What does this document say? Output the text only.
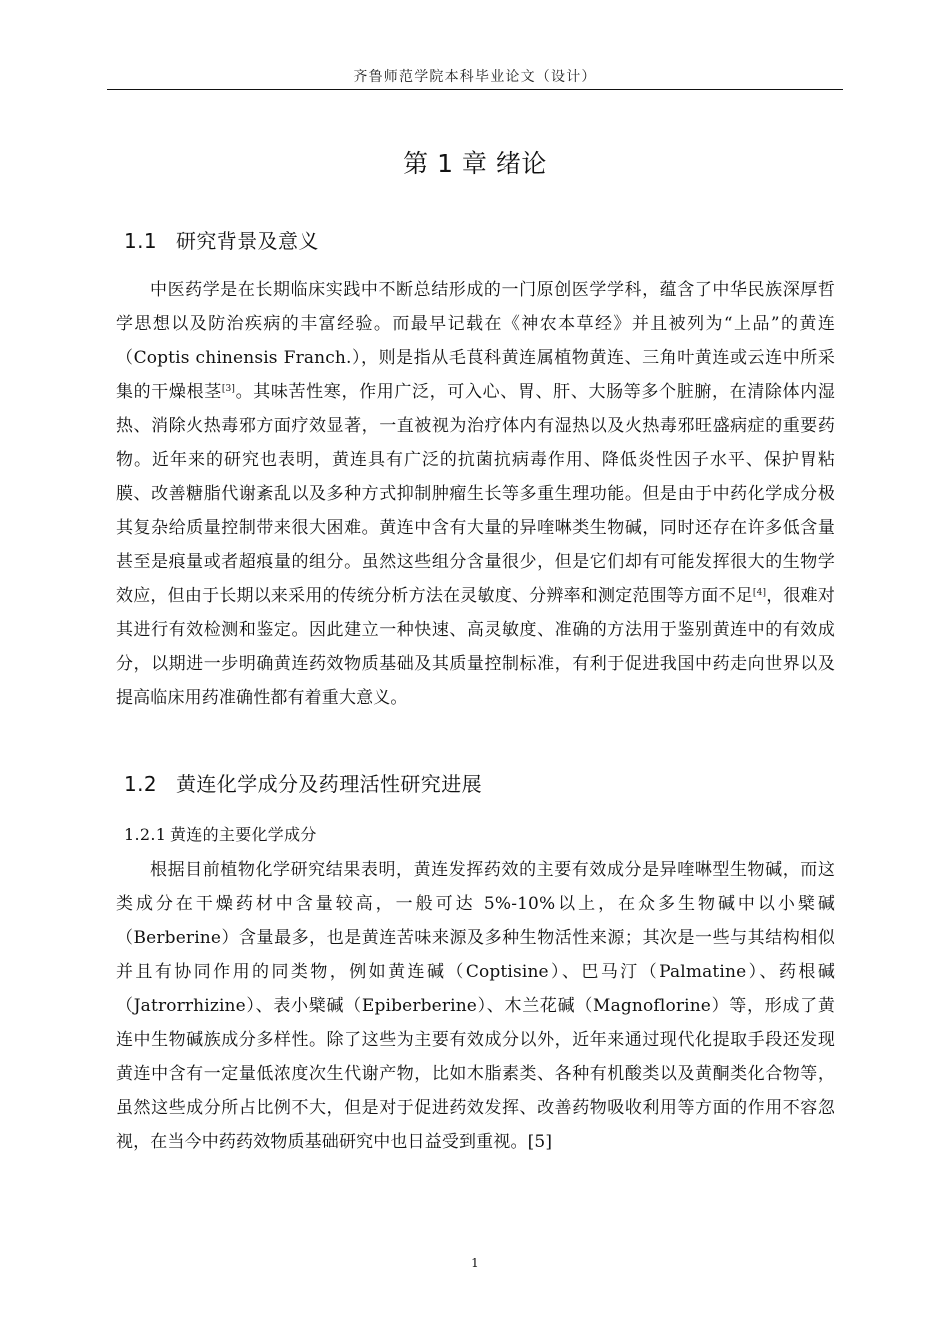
齐鲁师范学院本科毕业论文（设计）
第 1 章 绪论
1.1 研究背景及意义

中医药学是在长期临床实践中不断总结形成的一门原创医学学科，蕴含了中华民族深厚哲学思想以及防治疾病的丰富经验。而最早记载在《神农本草经》并且被列为“上品”的黄连（Coptis chinensis Franch.），则是指从毛茛科黄连属植物黄连、三角叶黄连或云连中所采集的干燥根茎[3]。其味苦性寒，作用广泛，可入心、胃、肝、大肠等多个脏腑，在清除体内湿热、消除火热毒邪方面疗效显著，一直被视为治疗体内有湿热以及火热毒邪旺盛病症的重要药物。近年来的研究也表明，黄连具有广泛的抗菌抗病毒作用、降低炎性因子水平、保护胃粘膜、改善糖脂代谢紊乱以及多种方式抑制肿瘤生长等多重生理功能。但是由于中药化学成分极其复杂给质量控制带来很大困难。黄连中含有大量的异喹啉类生物碱，同时还存在许多低含量甚至是痕量或者超痕量的组分。虽然这些组分含量很少，但是它们却有可能发挥很大的生物学效应，但由于长期以来采用的传统分析方法在灵敏度、分辨率和测定范围等方面不足[4]，很难对其进行有效检测和鉴定。因此建立一种快速、高灵敏度、准确的方法用于鉴别黄连中的有效成分，以期进一步明确黄连药效物质基础及其质量控制标准，有利于促进我国中药走向世界以及提高临床用药准确性都有着重大意义。

1.2 黄连化学成分及药理活性研究进展
1.2.1 黄连的主要化学成分

根据目前植物化学研究结果表明，黄连发挥药效的主要有效成分是异喹啉型生物碱，而这类成分在干燥药材中含量较高，一般可达 5%-10%以上，在众多生物碱中以小檗碱（Berberine）含量最多，也是黄连苦味来源及多种生物活性来源；其次是一些与其结构相似并且有协同作用的同类物，例如黄连碱（Coptisine）、巴马汀（Palmatine）、药根碱（Jatrorrhizine）、表小檗碱（Epiberberine）、木兰花碱（Magnoflorine）等，形成了黄连中生物碱族成分多样性。除了这些为主要有效成分以外，近年来通过现代化提取手段还发现黄连中含有一定量低浓度次生代谢产物，比如木脂素类、各种有机酸类以及黄酮类化合物等，虽然这些成分所占比例不大，但是对于促进药效发挥、改善药物吸收利用等方面的作用不容忽视，在当今中药药效物质基础研究中也日益受到重视。[5]

1
